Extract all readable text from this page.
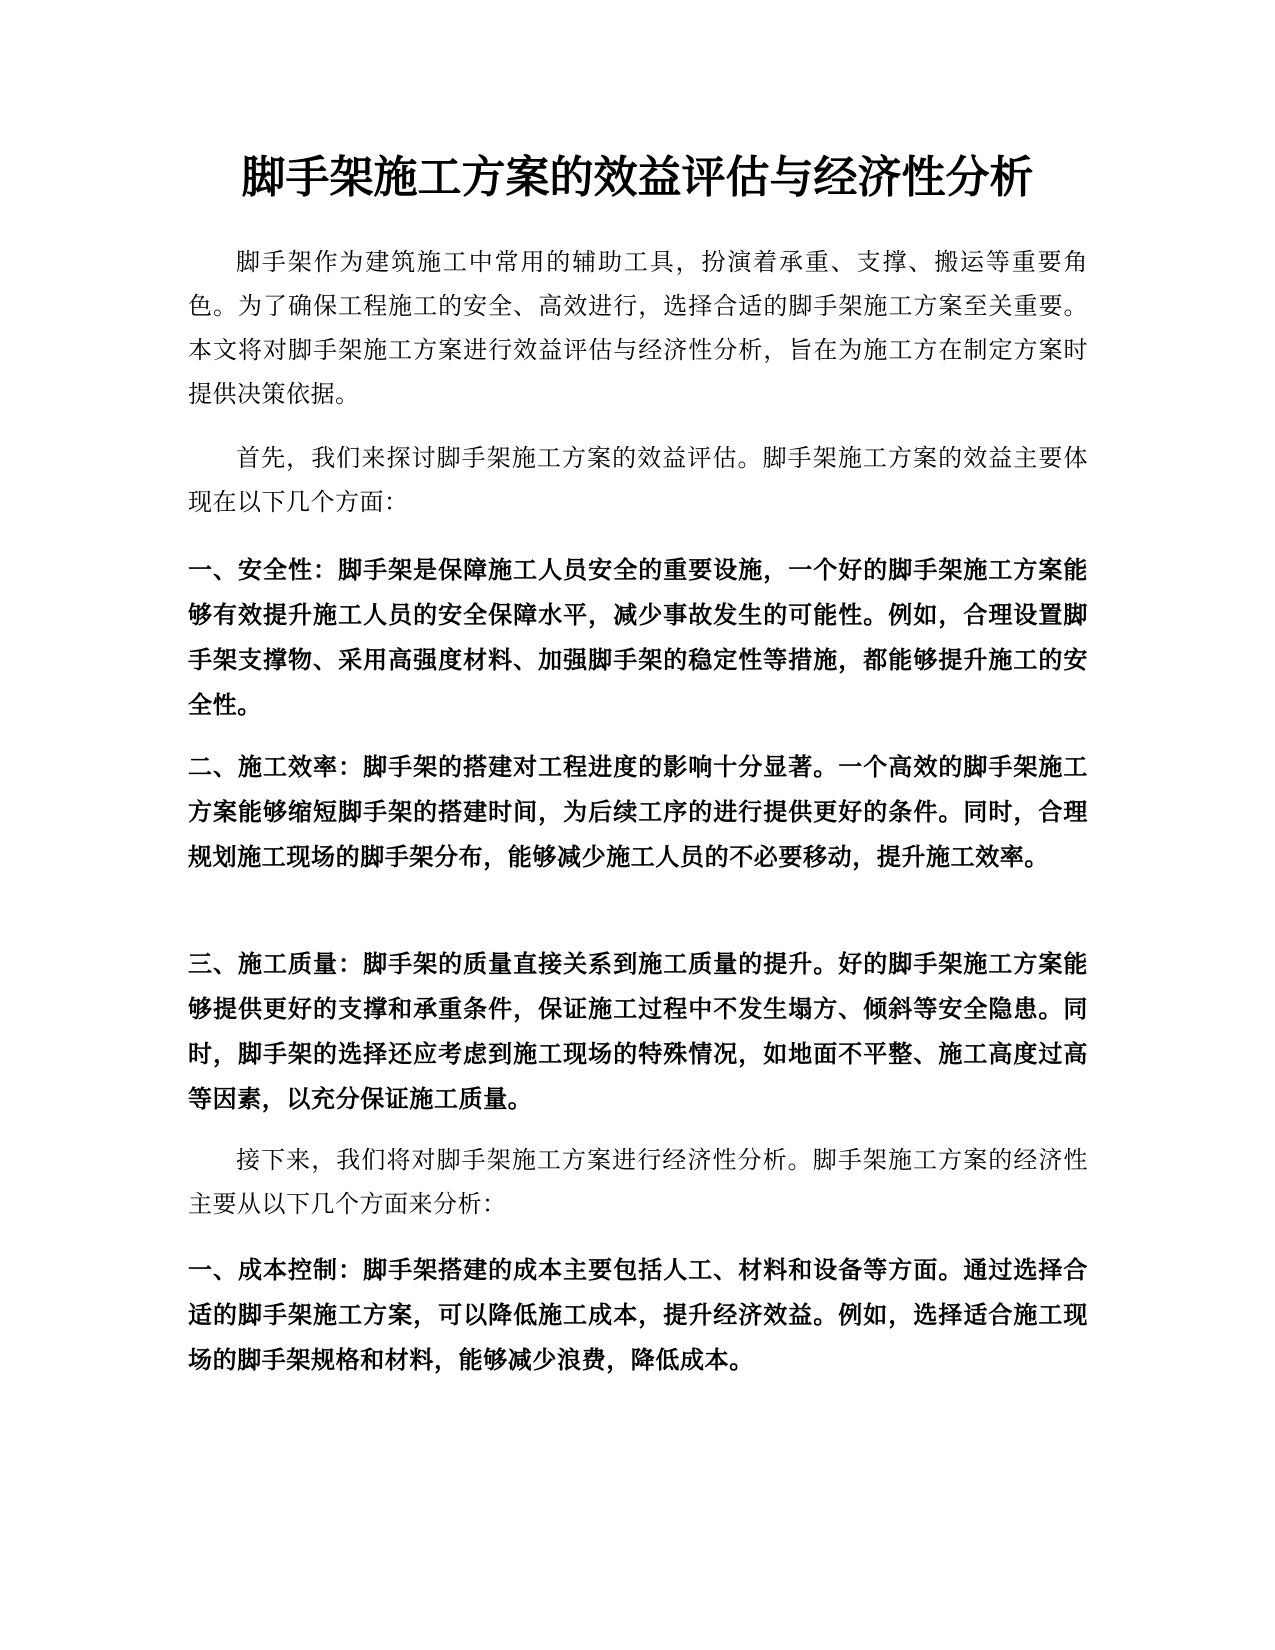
脚手架施工方案的效益评估与经济性分析

脚手架作为建筑施工中常用的辅助工具，扮演着承重、支撑、搬运等重要角色。为了确保工程施工的安全、高效进行，选择合适的脚手架施工方案至关重要。本文将对脚手架施工方案进行效益评估与经济性分析，旨在为施工方在制定方案时提供决策依据。

首先，我们来探讨脚手架施工方案的效益评估。脚手架施工方案的效益主要体现在以下几个方面：

一、安全性：脚手架是保障施工人员安全的重要设施，一个好的脚手架施工方案能够有效提升施工人员的安全保障水平，减少事故发生的可能性。例如，合理设置脚手架支撑物、采用高强度材料、加强脚手架的稳定性等措施，都能够提升施工的安全性。

二、施工效率：脚手架的搭建对工程进度的影响十分显著。一个高效的脚手架施工方案能够缩短脚手架的搭建时间，为后续工序的进行提供更好的条件。同时，合理规划施工现场的脚手架分布，能够减少施工人员的不必要移动，提升施工效率。

三、施工质量：脚手架的质量直接关系到施工质量的提升。好的脚手架施工方案能够提供更好的支撑和承重条件，保证施工过程中不发生塌方、倾斜等安全隐患。同时，脚手架的选择还应考虑到施工现场的特殊情况，如地面不平整、施工高度过高等因素，以充分保证施工质量。

接下来，我们将对脚手架施工方案进行经济性分析。脚手架施工方案的经济性主要从以下几个方面来分析：

一、成本控制：脚手架搭建的成本主要包括人工、材料和设备等方面。通过选择合适的脚手架施工方案，可以降低施工成本，提升经济效益。例如，选择适合施工现场的脚手架规格和材料，能够减少浪费，降低成本。
